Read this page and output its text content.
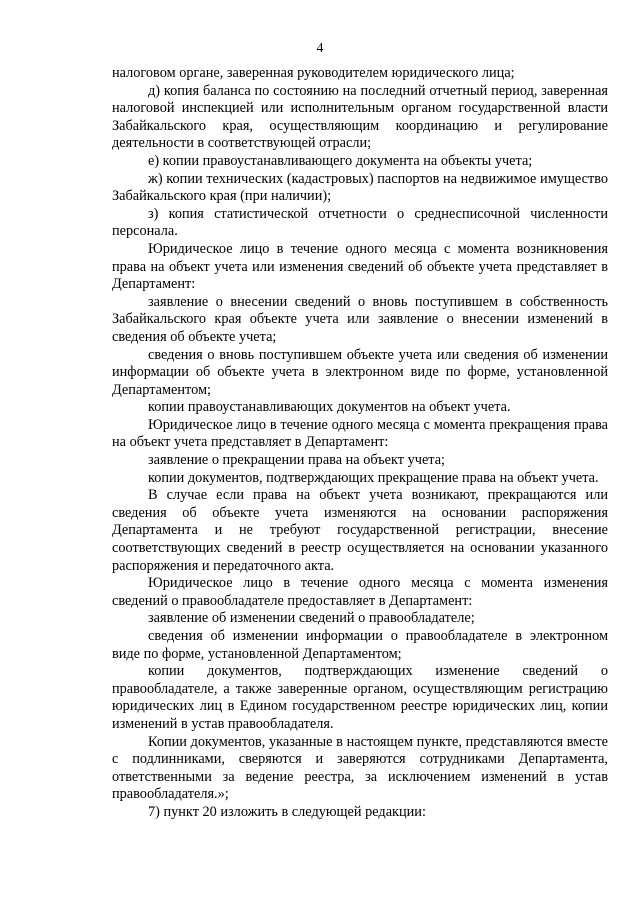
4

налоговом органе, заверенная руководителем юридического лица;

д) копия баланса по состоянию на последний отчетный период, заверенная налоговой инспекцией или исполнительным органом государственной власти Забайкальского края, осуществляющим координацию и регулирование деятельности в соответствующей отрасли;

е) копии правоустанавливающего документа на объекты учета;

ж) копии технических (кадастровых) паспортов на недвижимое имущество Забайкальского края (при наличии);

з) копия статистической отчетности о среднесписочной численности персонала.

Юридическое лицо в течение одного месяца с момента возникновения права на объект учета или изменения сведений об объекте учета представляет в Департамент:

заявление о внесении сведений о вновь поступившем в собственность Забайкальского края объекте учета или заявление о внесении изменений в сведения об объекте учета;

сведения о вновь поступившем объекте учета или сведения об изменении информации об объекте учета в электронном виде по форме, установленной Департаментом;

копии правоустанавливающих документов на объект учета.

Юридическое лицо в течение одного месяца с момента прекращения права на объект учета представляет в Департамент:

заявление о прекращении права на объект учета;

копии документов, подтверждающих прекращение права на объект учета.

В случае если права на объект учета возникают, прекращаются или сведения об объекте учета изменяются на основании распоряжения Департамента и не требуют государственной регистрации, внесение соответствующих сведений в реестр осуществляется на основании указанного распоряжения и передаточного акта.

Юридическое лицо в течение одного месяца с момента изменения сведений о правообладателе предоставляет в Департамент:

заявление об изменении сведений о правообладателе;

сведения об изменении информации о правообладателе в электронном виде по форме, установленной Департаментом;

копии документов, подтверждающих изменение сведений о правообладателе, а также заверенные органом, осуществляющим регистрацию юридических лиц в Едином государственном реестре юридических лиц, копии изменений в устав правообладателя.

Копии документов, указанные в настоящем пункте, представляются вместе с подлинниками, сверяются и заверяются сотрудниками Департамента, ответственными за ведение реестра, за исключением изменений в устав правообладателя.»;

7) пункт 20 изложить в следующей редакции:
